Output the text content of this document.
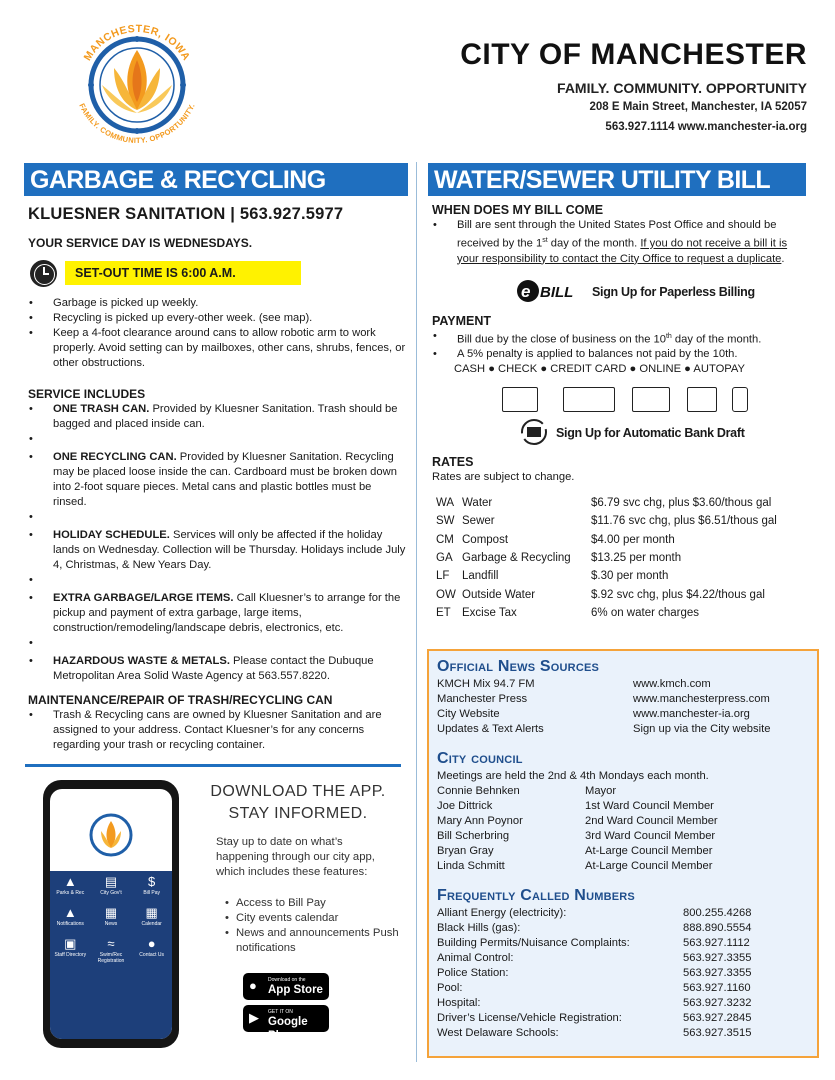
MANCHESTER, IOWA
FAMILY. COMMUNITY. OPPORTUNITY.
CITY OF MANCHESTER
FAMILY. COMMUNITY. OPPORTUNITY
208 E Main Street, Manchester, IA 52057
563.927.1114 www.manchester-ia.org
GARBAGE & RECYCLING	WATER/SEWER UTILITY BILL
KLUESNER SANITATION | 563.927.5977
YOUR SERVICE DAY IS WEDNESDAYS.
SET-OUT TIME IS 6:00 A.M.
• Garbage is picked up weekly.
• Recycling is picked up every-other week. (see map).
• Keep a 4-foot clearance around cans to allow robotic arm to work properly. Avoid setting can by mailboxes, other cans, shrubs, fences, or other obstructions.
SERVICE INCLUDES
• ONE TRASH CAN. Provided by Kluesner Sanitation. Trash should be bagged and placed inside can.
•
• ONE RECYCLING CAN. Provided by Kluesner Sanitation. Recycling may be placed loose inside the can. Cardboard must be broken down into 2-foot square pieces. Metal cans and plastic bottles must be rinsed.
•
• HOLIDAY SCHEDULE. Services will only be affected if the holiday lands on Wednesday. Collection will be Thursday. Holidays include July 4, Christmas, & New Years Day.
•
• EXTRA GARBAGE/LARGE ITEMS. Call Kluesner’s to arrange for the pickup and payment of extra garbage, large items, construction/remodeling/landscape debris, electronics, etc.
•
• HAZARDOUS WASTE & METALS. Please contact the Dubuque Metropolitan Area Solid Waste Agency at 563.557.8220.
MAINTENANCE/REPAIR OF TRASH/RECYCLING CAN
• Trash & Recycling cans are owned by Kluesner Sanitation and are assigned to your address. Contact Kluesner’s for any concerns regarding your trash or recycling container.
▲
Parks & Rec
▤
City Gov't
$
Bill Pay
▲
Notifications
▦
News
▦
Calendar
▣
Staff Directory
≈
Swim/Rec Registration
●
Contact Us
DOWNLOAD THE APP.
STAY INFORMED.
Stay up to date on what’s happening through our city app, which includes these features:
• Access to Bill Pay
• City events calendar
• News and announcements Push notifications
● Download on the
App Store
▶ GET IT ON
Google Play
WHEN DOES MY BILL COME
• Bill are sent through the United States Post Office and should be received by the 1st day of the month. If you do not receive a bill it is your responsibility to contact the City Office to request a duplicate.
e BILL Sign Up for Paperless Billing
PAYMENT
• Bill due by the close of business on the 10th day of the month.
• A 5% penalty is applied to balances not paid by the 10th.
CASH ● CHECK ● CREDIT CARD ● ONLINE ● AUTOPAY
Sign Up for Automatic Bank Draft
RATES
Rates are subject to change.
WA	Water	$6.79 svc chg, plus $3.60/thous gal
SW	Sewer	$11.76 svc chg, plus $6.51/thous gal
CM	Compost	$4.00 per month
GA	Garbage & Recycling	$13.25 per month
LF	Landfill	$.30 per month
OW	Outside Water	$.92 svc chg, plus $4.22/thous gal
ET	Excise Tax	6% on water charges
Official News Sources
KMCH Mix 94.7 FM	www.kmch.com
Manchester Press	www.manchesterpress.com
City Website	www.manchester-ia.org
Updates & Text Alerts	Sign up via the City website
City council
Meetings are held the 2nd & 4th Mondays each month.
Connie Behnken	Mayor
Joe Dittrick	1st Ward Council Member
Mary Ann Poynor	2nd Ward Council Member
Bill Scherbring	3rd Ward Council Member
Bryan Gray	At-Large Council Member
Linda Schmitt	At-Large Council Member
Frequently Called Numbers
Alliant Energy (electricity):	800.255.4268
Black Hills (gas):	888.890.5554
Building Permits/Nuisance Complaints:	563.927.1112
Animal Control:	563.927.3355
Police Station:	563.927.3355
Pool:	563.927.1160
Hospital:	563.927.3232
Driver’s License/Vehicle Registration:	563.927.2845
West Delaware Schools:	563.927.3515
